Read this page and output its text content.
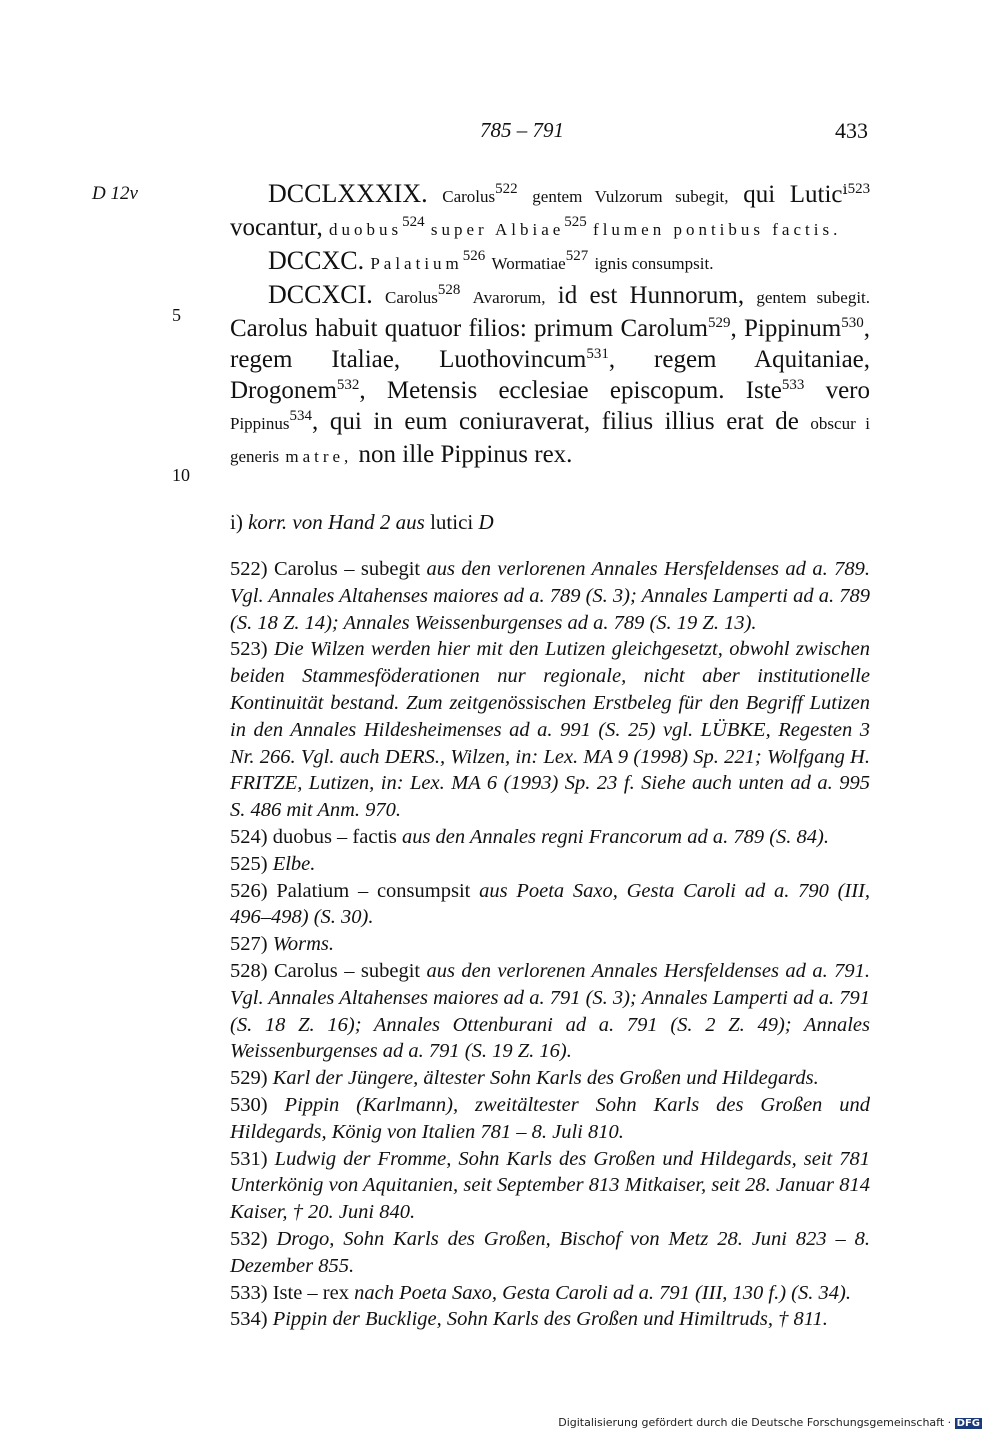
785 – 791	433
D 12v
5
10

DCCLXXXIX. Carolus$^{522}$ gentem Vulzorum subegit, qui Luticⁱ$^{523}$ vocantur, duobus$^{524}$ super Albiae$^{525}$ flumen pontibus factis.

DCCXC. Palatium$^{526}$ Wormatiae$^{527}$ ignis consumpsit.

DCCXCI. Carolus$^{528}$ Avarorum, id est Hunnorum, gentem subegit. Carolus habuit quatuor filios: primum Carolum$^{529}$, Pippinum$^{530}$, regem Italiae, Luothovincum$^{531}$, regem Aquitaniae, Drogonem$^{532}$, Metensis ecclesiae episcopum. Iste$^{533}$ vero Pippinus$^{534}$, qui in eum coniuraverat, filius illius erat de obscur i generis matre, non ille Pippinus rex.

i) korr. von Hand 2 aus lutici D

522) Carolus – subegit aus den verlorenen Annales Hersfeldenses ad a. 789. Vgl. Annales Altahenses maiores ad a. 789 (S. 3); Annales Lamperti ad a. 789 (S. 18 Z. 14); Annales Weissenburgenses ad a. 789 (S. 19 Z. 13).

523) Die Wilzen werden hier mit den Lutizen gleichgesetzt, obwohl zwischen beiden Stammesföderationen nur regionale, nicht aber institutionelle Kontinuität bestand. Zum zeitgenössischen Erstbeleg für den Begriff Lutizen in den Annales Hildesheimenses ad a. 991 (S. 25) vgl. LÜBKE, Regesten 3 Nr. 266. Vgl. auch DERS., Wilzen, in: Lex. MA 9 (1998) Sp. 221; Wolfgang H. FRITZE, Lutizen, in: Lex. MA 6 (1993) Sp. 23 f. Siehe auch unten ad a. 995 S. 486 mit Anm. 970.

524) duobus – factis aus den Annales regni Francorum ad a. 789 (S. 84).

525) Elbe.

526) Palatium – consumpsit aus Poeta Saxo, Gesta Caroli ad a. 790 (III, 496–498) (S. 30).

527) Worms.

528) Carolus – subegit aus den verlorenen Annales Hersfeldenses ad a. 791. Vgl. Annales Altahenses maiores ad a. 791 (S. 3); Annales Lamperti ad a. 791 (S. 18 Z. 16); Annales Ottenburani ad a. 791 (S. 2 Z. 49); Annales Weissenburgenses ad a. 791 (S. 19 Z. 16).

529) Karl der Jüngere, ältester Sohn Karls des Großen und Hildegards.

530) Pippin (Karlmann), zweitältester Sohn Karls des Großen und Hildegards, König von Italien 781 – 8. Juli 810.

531) Ludwig der Fromme, Sohn Karls des Großen und Hildegards, seit 781 Unterkönig von Aquitanien, seit September 813 Mitkaiser, seit 28. Januar 814 Kaiser, † 20. Juni 840.

532) Drogo, Sohn Karls des Großen, Bischof von Metz 28. Juni 823 – 8. Dezember 855.

533) Iste – rex nach Poeta Saxo, Gesta Caroli ad a. 791 (III, 130 f.) (S. 34).

534) Pippin der Bucklige, Sohn Karls des Großen und Himiltruds, † 811.

Digitalisierung gefördert durch die Deutsche Forschungsgemeinschaft · DFG
